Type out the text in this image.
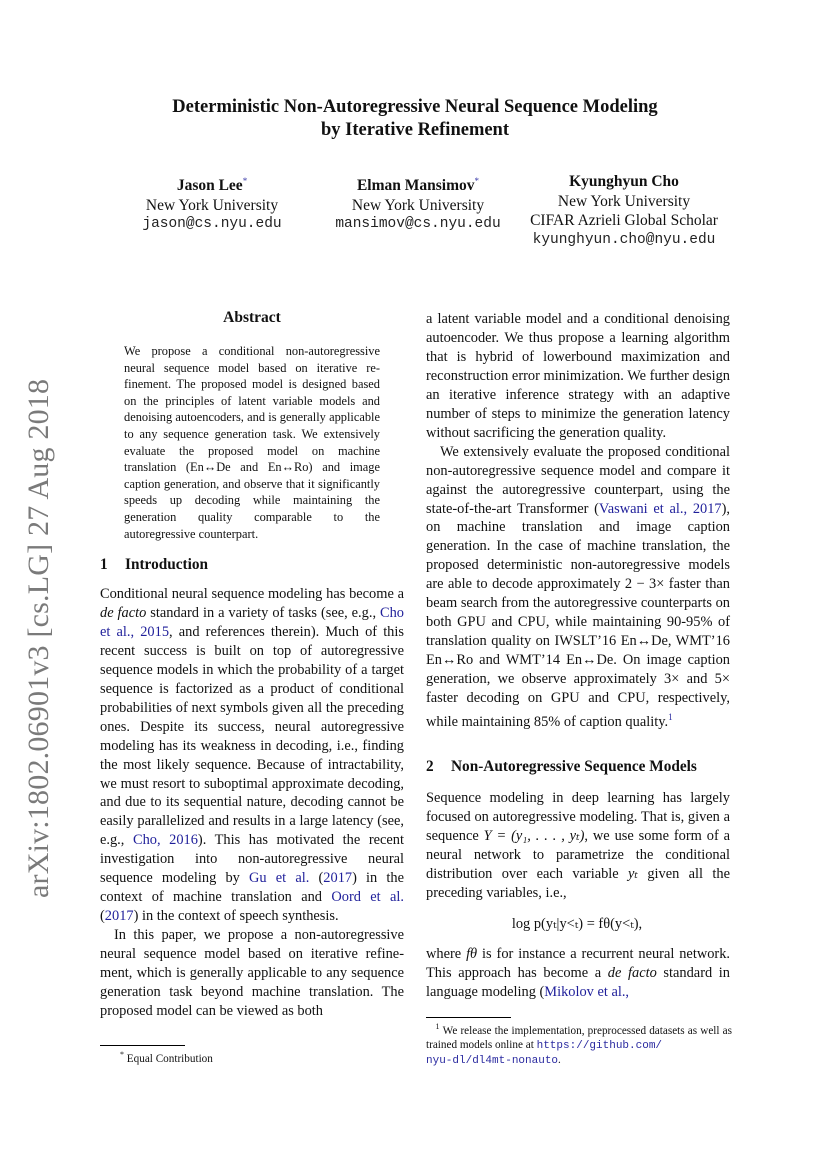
Deterministic Non-Autoregressive Neural Sequence Modeling
by Iterative Refinement
Jason Lee*
New York University
jason@cs.nyu.edu
Elman Mansimov*
New York University
mansimov@cs.nyu.edu
Kyunghyun Cho
New York University
CIFAR Azrieli Global Scholar
kyunghyun.cho@nyu.edu
arXiv:1802.06901v3 [cs.LG] 27 Aug 2018
Abstract
We propose a conditional non-autoregressive neural sequence model based on iterative refinement. The proposed model is designed based on the principles of latent variable models and denoising autoencoders, and is generally applicable to any sequence generation task. We extensively evaluate the proposed model on machine translation (En↔De and En↔Ro) and image caption generation, and observe that it significantly speeds up decoding while maintaining the generation quality comparable to the autoregressive counterpart.
1 Introduction

Conditional neural sequence modeling has become a de facto standard in a variety of tasks (see, e.g., Cho et al., 2015, and references therein). Much of this recent success is built on top of autoregressive sequence models in which the probability of a target sequence is factorized as a product of conditional probabilities of next symbols given all the preceding ones. Despite its success, neural autoregressive modeling has its weakness in decoding, i.e., finding the most likely sequence. Because of intractability, we must resort to suboptimal approximate decoding, and due to its sequential nature, decoding cannot be easily parallelized and results in a large latency (see, e.g., Cho, 2016). This has motivated the recent investigation into non-autoregressive neural sequence modeling by Gu et al. (2017) in the context of machine translation and Oord et al. (2017) in the context of speech synthesis.

In this paper, we propose a non-autoregressive neural sequence model based on iterative refinement, which is generally applicable to any sequence generation task beyond machine translation. The proposed model can be viewed as both

* Equal Contribution

a latent variable model and a conditional denoising autoencoder. We thus propose a learning algorithm that is hybrid of lowerbound maximization and reconstruction error minimization. We further design an iterative inference strategy with an adaptive number of steps to minimize the generation latency without sacrificing the generation quality.

We extensively evaluate the proposed conditional non-autoregressive sequence model and compare it against the autoregressive counterpart, using the state-of-the-art Transformer (Vaswani et al., 2017), on machine translation and image caption generation. In the case of machine translation, the proposed deterministic non-autoregressive models are able to decode approximately 2 − 3× faster than beam search from the autoregressive counterparts on both GPU and CPU, while maintaining 90-95% of translation quality on IWSLT’16 En↔De, WMT’16 En↔Ro and WMT’14 En↔De. On image caption generation, we observe approximately 3× and 5× faster decoding on GPU and CPU, respectively, while maintaining 85% of caption quality.$^1$

2 Non-Autoregressive Sequence Models

Sequence modeling in deep learning has largely focused on autoregressive modeling. That is, given a sequence Y = (y₁, . . . , yₜ), we use some form of a neural network to parametrize the conditional distribution over each variable yₜ given all the preceding variables, i.e.,

log p(yₜ|y<ₜ) = fθ(y<ₜ),

where fθ is for instance a recurrent neural network. This approach has become a de facto standard in language modeling (Mikolov et al.,

$^1$ We release the implementation, preprocessed datasets as well as trained models online at https://github.com/
nyu-dl/dl4mt-nonauto.
